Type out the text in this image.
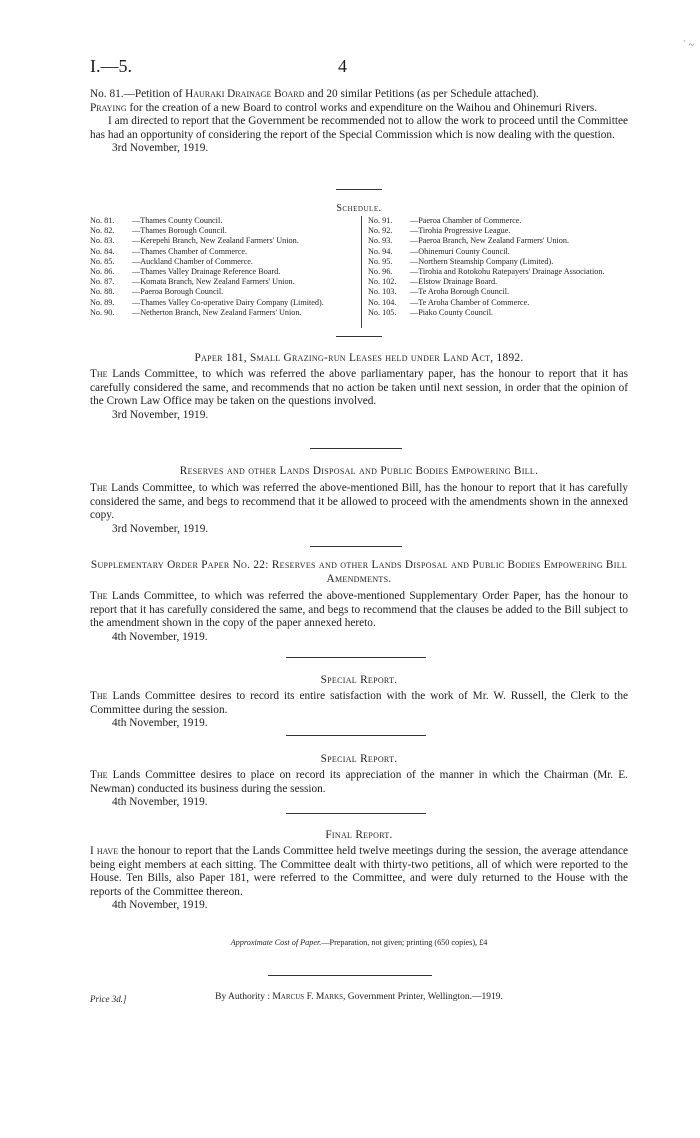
` ~
I.—5.	4
No. 81.—Petition of Hauraki Drainage Board and 20 similar Petitions (as per Schedule attached).
Praying for the creation of a new Board to control works and expenditure on the Waihou and Ohinemuri Rivers.
I am directed to report that the Government be recommended not to allow the work to proceed until the Committee has had an opportunity of considering the report of the Special Commission which is now dealing with the question.
3rd November, 1919.
Schedule.
No. 81.	—Thames County Council.
No. 82.	—Thames Borough Council.
No. 83.	—Kerepehi Branch, New Zealand Farmers' Union.
No. 84.	—Thames Chamber of Commerce.
No. 85.	—Auckland Chamber of Commerce.
No. 86.	—Thames Valley Drainage Reference Board.
No. 87.	—Komata Branch, New Zealand Farmers' Union.
No. 88.	—Paeroa Borough Council.
No. 89.	—Thames Valley Co-operative Dairy Company (Limited).
No. 90.	—Netherton Branch, New Zealand Farmers' Union.
No. 91.	—Paeroa Chamber of Commerce.
No. 92.	—Tirohia Progressive League.
No. 93.	—Paeroa Branch, New Zealand Farmers' Union.
No. 94.	—Ohinemuri County Council.
No. 95.	—Northern Steamship Company (Limited).
No. 96.	—Tirohia and Rotokohu Ratepayers' Drainage Association.
No. 102.	—Elstow Drainage Board.
No. 103.	—Te Aroha Borough Council.
No. 104.	—Te Aroha Chamber of Commerce.
No. 105.	—Piako County Council.
Paper 181, Small Grazing-run Leases held under Land Act, 1892.
The Lands Committee, to which was referred the above parliamentary paper, has the honour to report that it has carefully considered the same, and recommends that no action be taken until next session, in order that the opinion of the Crown Law Office may be taken on the questions involved.
3rd November, 1919.
Reserves and other Lands Disposal and Public Bodies Empowering Bill.
The Lands Committee, to which was referred the above-mentioned Bill, has the honour to report that it has carefully considered the same, and begs to recommend that it be allowed to proceed with the amendments shown in the annexed copy.
3rd November, 1919.
Supplementary Order Paper No. 22: Reserves and other Lands Disposal and Public Bodies Empowering Bill Amendments.
The Lands Committee, to which was referred the above-mentioned Supplementary Order Paper, has the honour to report that it has carefully considered the same, and begs to recommend that the clauses be added to the Bill subject to the amendment shown in the copy of the paper annexed hereto.
4th November, 1919.
Special Report.
The Lands Committee desires to record its entire satisfaction with the work of Mr. W. Russell, the Clerk to the Committee during the session.
4th November, 1919.
Special Report.
The Lands Committee desires to place on record its appreciation of the manner in which the Chairman (Mr. E. Newman) conducted its business during the session.
4th November, 1919.
Final Report.
I have the honour to report that the Lands Committee held twelve meetings during the session, the average attendance being eight members at each sitting. The Committee dealt with thirty-two petitions, all of which were reported to the House. Ten Bills, also Paper 181, were referred to the Committee, and were duly returned to the House with the reports of the Committee thereon.
4th November, 1919.
Approximate Cost of Paper.—Preparation, not given; printing (650 copies), £4
Price 3d.]	By Authority : Marcus F. Marks, Government Printer, Wellington.—1919.
